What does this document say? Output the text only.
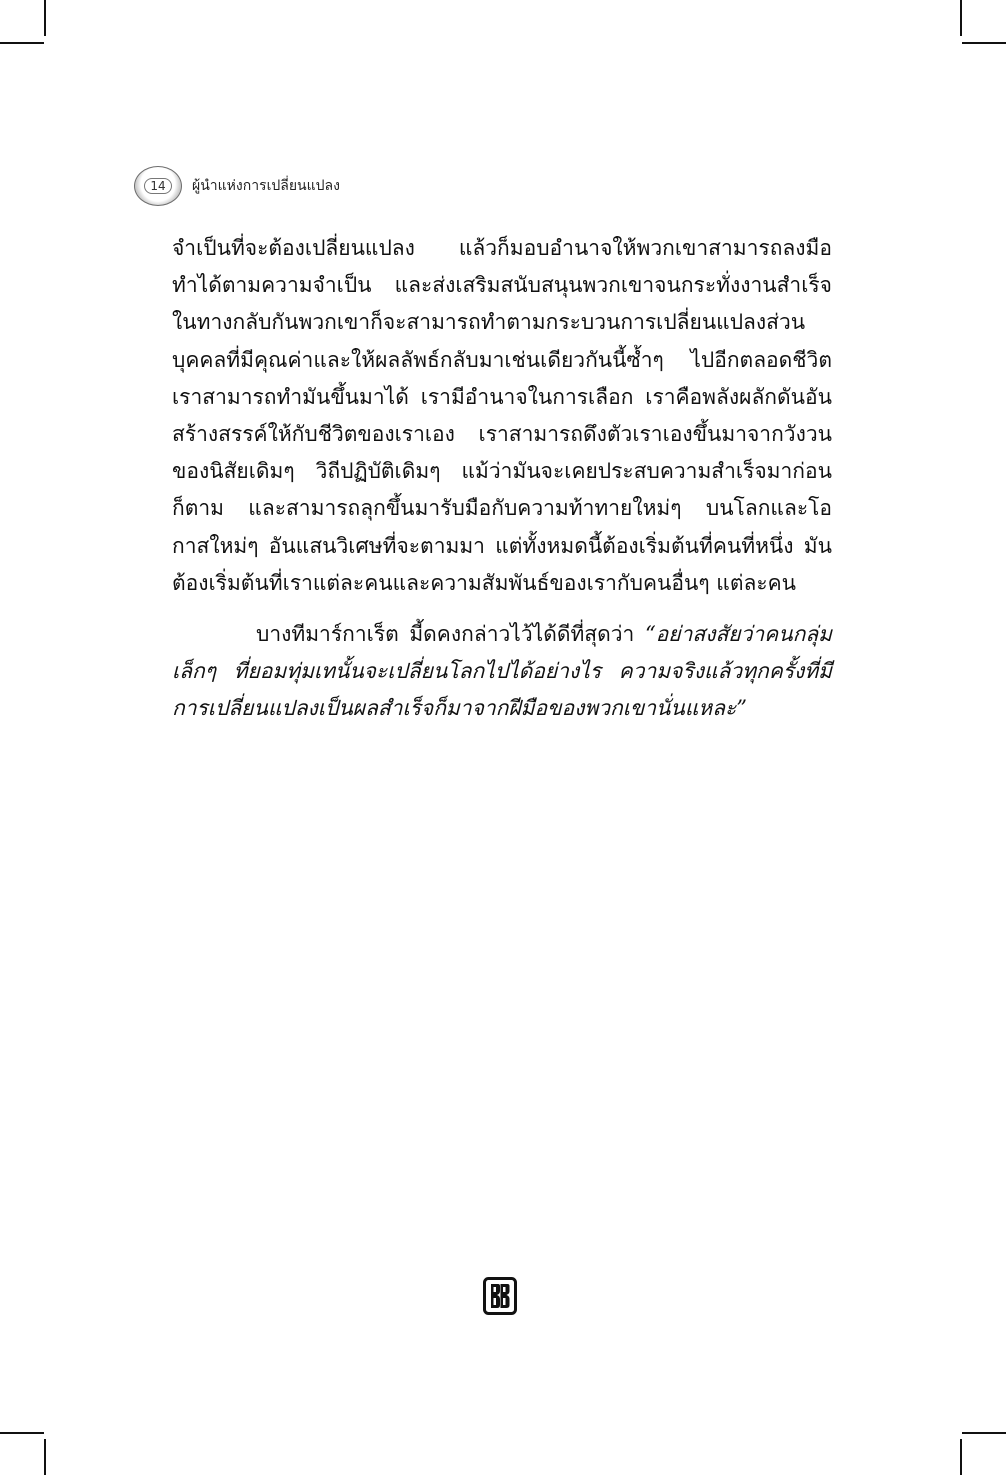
14	ผู้นำแห่งการเปลี่ยนแปลง

จำเป็นที่จะต้องเปลี่ยนแปลง แล้วก็มอบอำนาจให้พวกเขาสามารถลงมือทำได้ตามความจำเป็น และส่งเสริมสนับสนุนพวกเขาจนกระทั่งงานสำเร็จ ในทางกลับกันพวกเขาก็จะสามารถทำตามกระบวนการเปลี่ยนแปลงส่วนบุคคลที่มีคุณค่าและให้ผลลัพธ์กลับมาเช่นเดียวกันนี้ซ้ำๆ ไปอีกตลอดชีวิต เราสามารถทำมันขึ้นมาได้ เรามีอำนาจในการเลือก เราคือพลังผลักดันอันสร้างสรรค์ให้กับชีวิตของเราเอง เราสามารถดึงตัวเราเองขึ้นมาจากวังวนของนิสัยเดิมๆ วิถีปฏิบัติเดิมๆ แม้ว่ามันจะเคยประสบความสำเร็จมาก่อนก็ตาม และสามารถลุกขึ้นมารับมือกับความท้าทายใหม่ๆ บนโลกและโอกาสใหม่ๆ อันแสนวิเศษที่จะตามมา แต่ทั้งหมดนี้ต้องเริ่มต้นที่คนที่หนึ่ง มันต้องเริ่มต้นที่เราแต่ละคนและความสัมพันธ์ของเรากับคนอื่นๆ แต่ละคน

บางทีมาร์กาเร็ต มี้ดคงกล่าวไว้ได้ดีที่สุดว่า “อย่าสงสัยว่าคนกลุ่มเล็กๆ ที่ยอมทุ่มเทนั้นจะเปลี่ยนโลกไปได้อย่างไร ความจริงแล้วทุกครั้งที่มีการเปลี่ยนแปลงเป็นผลสำเร็จก็มาจากฝีมือของพวกเขานั่นแหละ”
